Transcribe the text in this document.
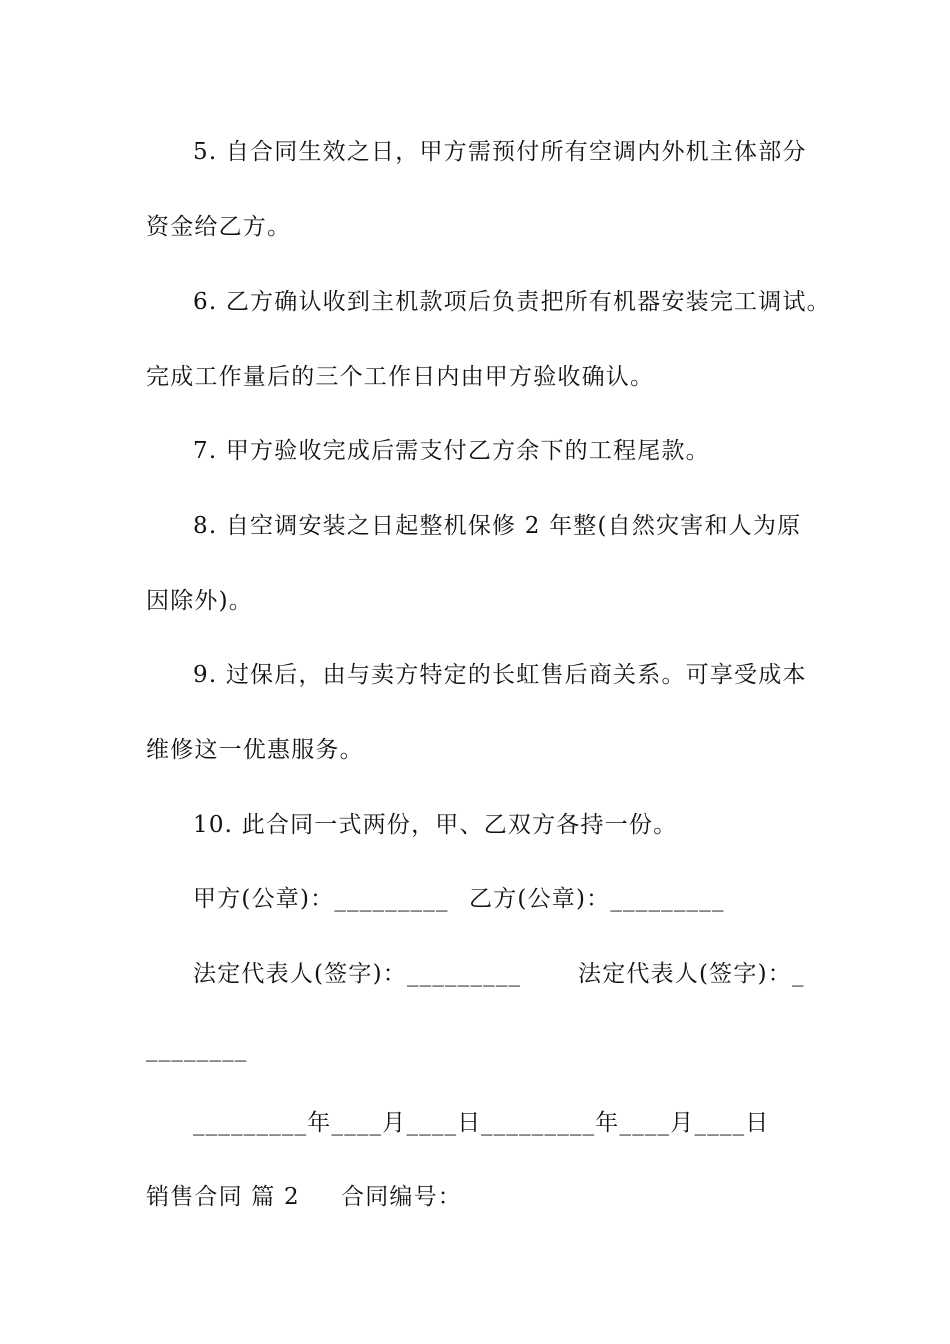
5. 自合同生效之日，甲方需预付所有空调内外机主体部分
资金给乙方。
6. 乙方确认收到主机款项后负责把所有机器安装完工调试。
完成工作量后的三个工作日内由甲方验收确认。
7. 甲方验收完成后需支付乙方余下的工程尾款。
8. 自空调安装之日起整机保修 2 年整(自然灾害和人为原
因除外)。
9. 过保后，由与卖方特定的长虹售后商关系。可享受成本
维修这一优惠服务。
10. 此合同一式两份，甲、乙双方各持一份。
甲方(公章)：_________ 乙方(公章)：_________
法定代表人(签字)：_________ 法定代表人(签字)：_
________
_________年____月____日 _________年____月____日
销售合同 篇 2 合同编号：
